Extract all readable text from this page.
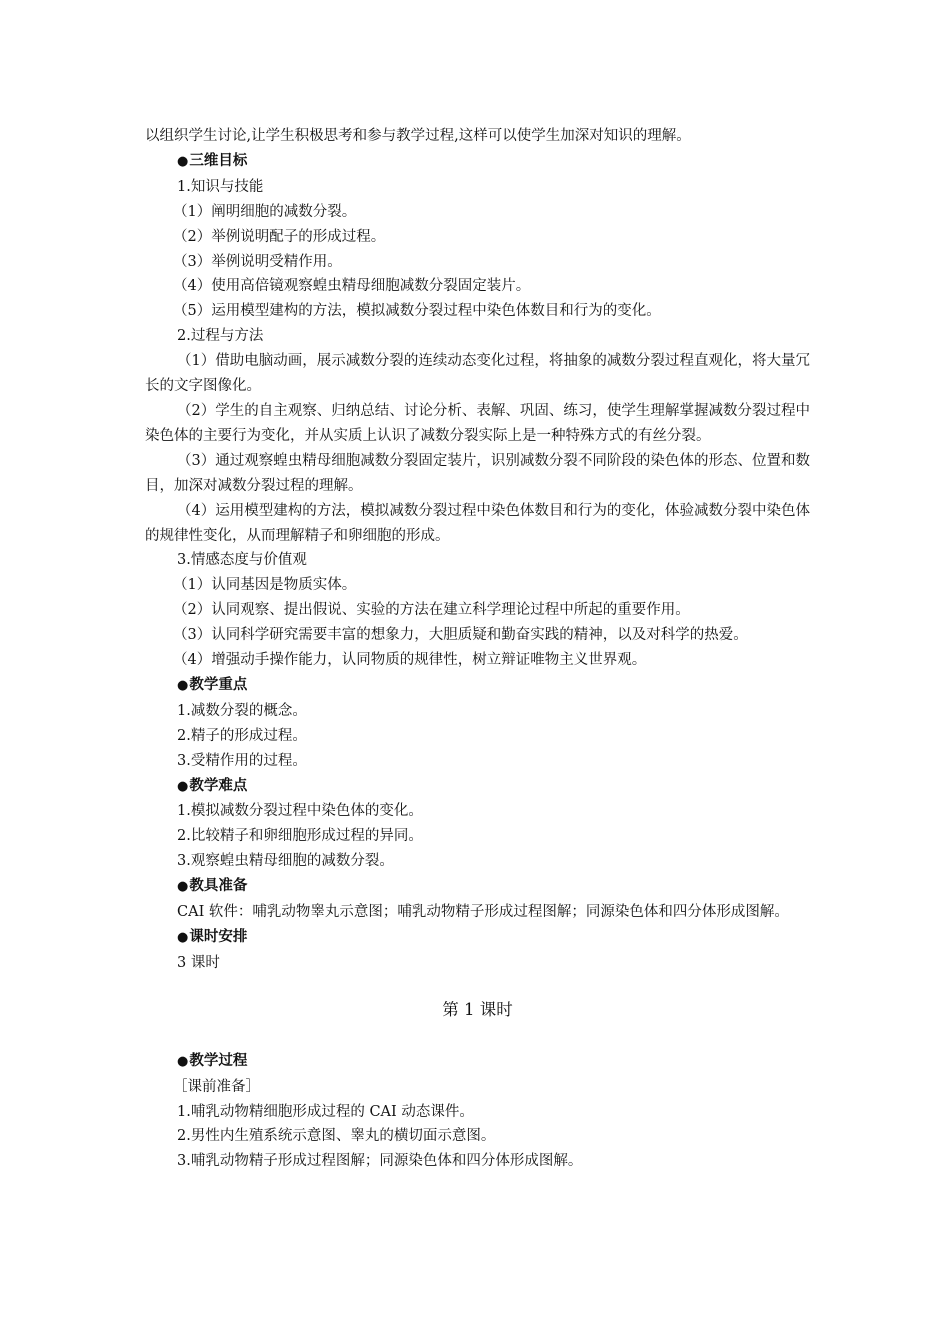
以组织学生讨论,让学生积极思考和参与教学过程,这样可以使学生加深对知识的理解。
●三维目标
1.知识与技能
（1）阐明细胞的减数分裂。
（2）举例说明配子的形成过程。
（3）举例说明受精作用。
（4）使用高倍镜观察蝗虫精母细胞减数分裂固定装片。
（5）运用模型建构的方法，模拟减数分裂过程中染色体数目和行为的变化。
2.过程与方法
（1）借助电脑动画，展示减数分裂的连续动态变化过程，将抽象的减数分裂过程直观化，将大量冗长的文字图像化。
（2）学生的自主观察、归纳总结、讨论分析、表解、巩固、练习，使学生理解掌握减数分裂过程中染色体的主要行为变化，并从实质上认识了减数分裂实际上是一种特殊方式的有丝分裂。
（3）通过观察蝗虫精母细胞减数分裂固定装片，识别减数分裂不同阶段的染色体的形态、位置和数目，加深对减数分裂过程的理解。
（4）运用模型建构的方法，模拟减数分裂过程中染色体数目和行为的变化，体验减数分裂中染色体的规律性变化，从而理解精子和卵细胞的形成。
3.情感态度与价值观
（1）认同基因是物质实体。
（2）认同观察、提出假说、实验的方法在建立科学理论过程中所起的重要作用。
（3）认同科学研究需要丰富的想象力，大胆质疑和勤奋实践的精神，以及对科学的热爱。
（4）增强动手操作能力，认同物质的规律性，树立辩证唯物主义世界观。
●教学重点
1.减数分裂的概念。
2.精子的形成过程。
3.受精作用的过程。
●教学难点
1.模拟减数分裂过程中染色体的变化。
2.比较精子和卵细胞形成过程的异同。
3.观察蝗虫精母细胞的减数分裂。
●教具准备
CAI 软件：哺乳动物睾丸示意图；哺乳动物精子形成过程图解；同源染色体和四分体形成图解。
●课时安排
3 课时
第 1 课时
●教学过程
［课前准备］
1.哺乳动物精细胞形成过程的 CAI 动态课件。
2.男性内生殖系统示意图、睾丸的横切面示意图。
3.哺乳动物精子形成过程图解；同源染色体和四分体形成图解。
